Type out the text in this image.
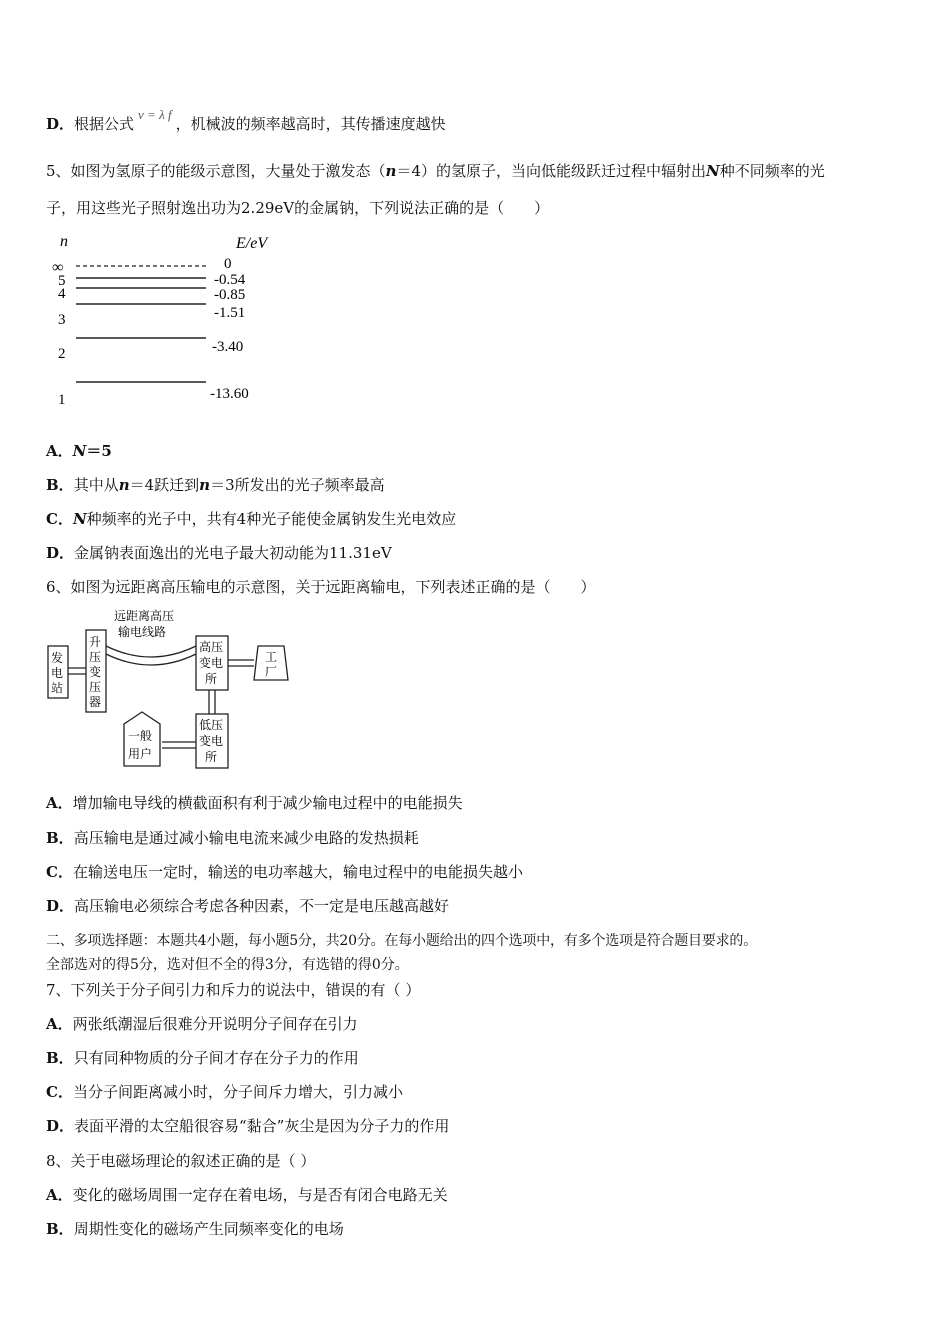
D．根据公式v = λ f，机械波的频率越高时，其传播速度越快
5、如图为氢原子的能级示意图，大量处于激发态（n＝4）的氢原子，当向低能级跃迁过程中辐射出N种不同频率的光
子，用这些光子照射逸出功为2.29eV的金属钠，下列说法正确的是（　　）
n	E/eV
∞
5
4
3
2
1
0
-0.54
-0.85
-1.51
-3.40
-13.60
A．N＝5
B．其中从n＝4跃迁到n＝3所发出的光子频率最高
C．N种频率的光子中，共有4种光子能使金属钠发生光电效应
D．金属钠表面逸出的光电子最大初动能为11.31eV
6、如图为远距离高压输电的示意图，关于远距离输电，下列表述正确的是（　　）
远距离高压
输电线路
发
电
站
升
压
变
压
器
高压
变电
所
工
厂
低压
变电
所
一般
用户
A．增加输电导线的横截面积有利于减少输电过程中的电能损失
B．高压输电是通过减小输电电流来减少电路的发热损耗
C．在输送电压一定时，输送的电功率越大，输电过程中的电能损失越小
D．高压输电必须综合考虑各种因素，不一定是电压越高越好
二、多项选择题：本题共4小题，每小题5分，共20分。在每小题给出的四个选项中，有多个选项是符合题目要求的。
全部选对的得5分，选对但不全的得3分，有选错的得0分。
7、下列关于分子间引力和斥力的说法中，错误的有（ ）
A．两张纸潮湿后很难分开说明分子间存在引力
B．只有同种物质的分子间才存在分子力的作用
C．当分子间距离减小时，分子间斥力增大，引力减小
D．表面平滑的太空船很容易“黏合”灰尘是因为分子力的作用
8、关于电磁场理论的叙述正确的是（ ）
A．变化的磁场周围一定存在着电场，与是否有闭合电路无关
B．周期性变化的磁场产生同频率变化的电场
